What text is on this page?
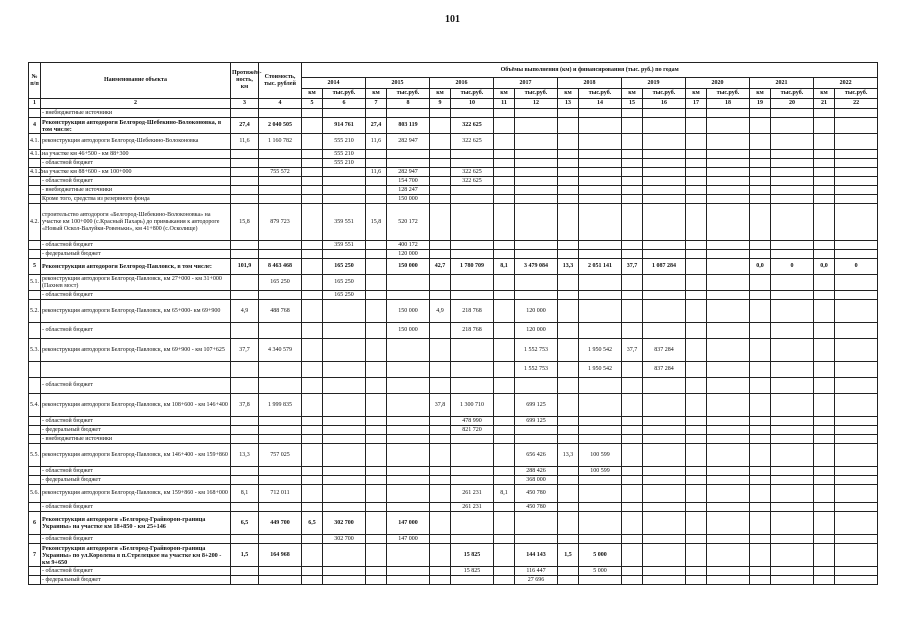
101
№ п/п	Наименование объекта	Протяжён-ность, км	Стоимость, тыс. рублей	Объёмы выполнения (км) и финансирования (тыс. руб.) по годам																	
				2014		2015		2016		2017		2018		2019		2020		2021		2022	
				км	тыс.руб.	км	тыс.руб.	км	тыс.руб.	км	тыс.руб.	км	тыс.руб.	км	тыс.руб.	км	тыс.руб.	км	тыс.руб.	км	тыс.руб.
1	2	3	4	5	6	7	8	9	10	11	12	13	14	15	16	17	18	19	20	21	22
	- внебюджетные источники																				
4	Реконструкция автодороги Белгород-Шебекино-Волоконовка, в том числе:	27,4	2 040 505		914 761	27,4	803 119		322 625												
4.1.	реконструкция автодороги Белгород-Шебекино-Волоконовка	11,6	1 160 782		555 210	11,6	282 947		322 625												
4.1.1.	на участке км 46+500 - км 88+300				555 210																
	- областной бюджет				555 210																
4.1.2.	на участке км 88+600 - км 100+000		755 572			11,6	282 947		322 625												
	- областной бюджет						154 700		322 625												
	- внебюджетные источники						128 247														
	Кроме того, средства из резервного фонда						150 000														
4.2.	строительство автодороги «Белгород-Шебекино-Волоконовка» на участке км 100+000 (с.Красный Пахарь) до примыкания к автодороге «Новый Оскол-Валуйки-Ровеньки», км 41+800 (с.Осколище)	15,8	879 723		359 551	15,8	520 172														
	- областной бюджет				359 551		400 172														
	- федеральный бюджет						120 000														
5	Реконструкция автодороги Белгород-Павловск, в том числе:	101,9	8 463 468		165 250		150 000	42,7	1 780 709	8,1	3 479 084	13,3	2 051 141	37,7	1 087 284			0,0	0	0,0	0
5.1.	реконструкция автодороги Белгород-Павловск, км 27+000 - км 31+000 (Пахнев мост)		165 250		165 250																
	- областной бюджет				165 250																
5.2.	реконструкция автодороги Белгород-Павловск, км 65+000- км 69+900	4,9	488 768				150 000	4,9	218 768		120 000										
	- областной бюджет						150 000		218 768		120 000										
5.3.	реконструкция автодороги Белгород-Павловск, км 69+900 - км 107+625	37,7	4 340 579								1 552 753		1 950 542	37,7	837 284						
											1 552 753		1 950 542		837 284						
	- областной бюджет																				
5.4.	реконструкция автодороги Белгород-Павловск, км 108+600 - км 146+400	37,8	1 999 835					37,8	1 300 710		699 125										
	- областной бюджет								478 990		699 125										
	- федеральный бюджет								821 720												
	- внебюджетные источники																				
5.5.	реконструкция автодороги Белгород-Павловск, км 146+400 - км 159+860	13,3	757 025								656 426	13,3	100 599								
	- областной бюджет										288 426		100 599								
	- федеральный бюджет										368 000										
5.6.	реконструкция автодороги Белгород-Павловск, км 159+860 - км 168+000	8,1	712 011						261 231	8,1	450 780										
	- областной бюджет								261 231		450 780										
6	Реконструкция автодороги «Белгород-Грайворон-граница Украины» на участке км 18+850 - км 25+146	6,5	449 700	6,5	302 700		147 000														
	- областной бюджет				302 700		147 000														
7	Реконструкция автодороги «Белгород-Грайворон-граница Украины» по ул.Королева в п.Стрелецкое на участке км 8+200 - км 9+650	1,5	164 968						15 825		144 143	1,5	5 000								
	- областной бюджет								15 825		116 447		5 000								
	- федеральный бюджет										27 696										
